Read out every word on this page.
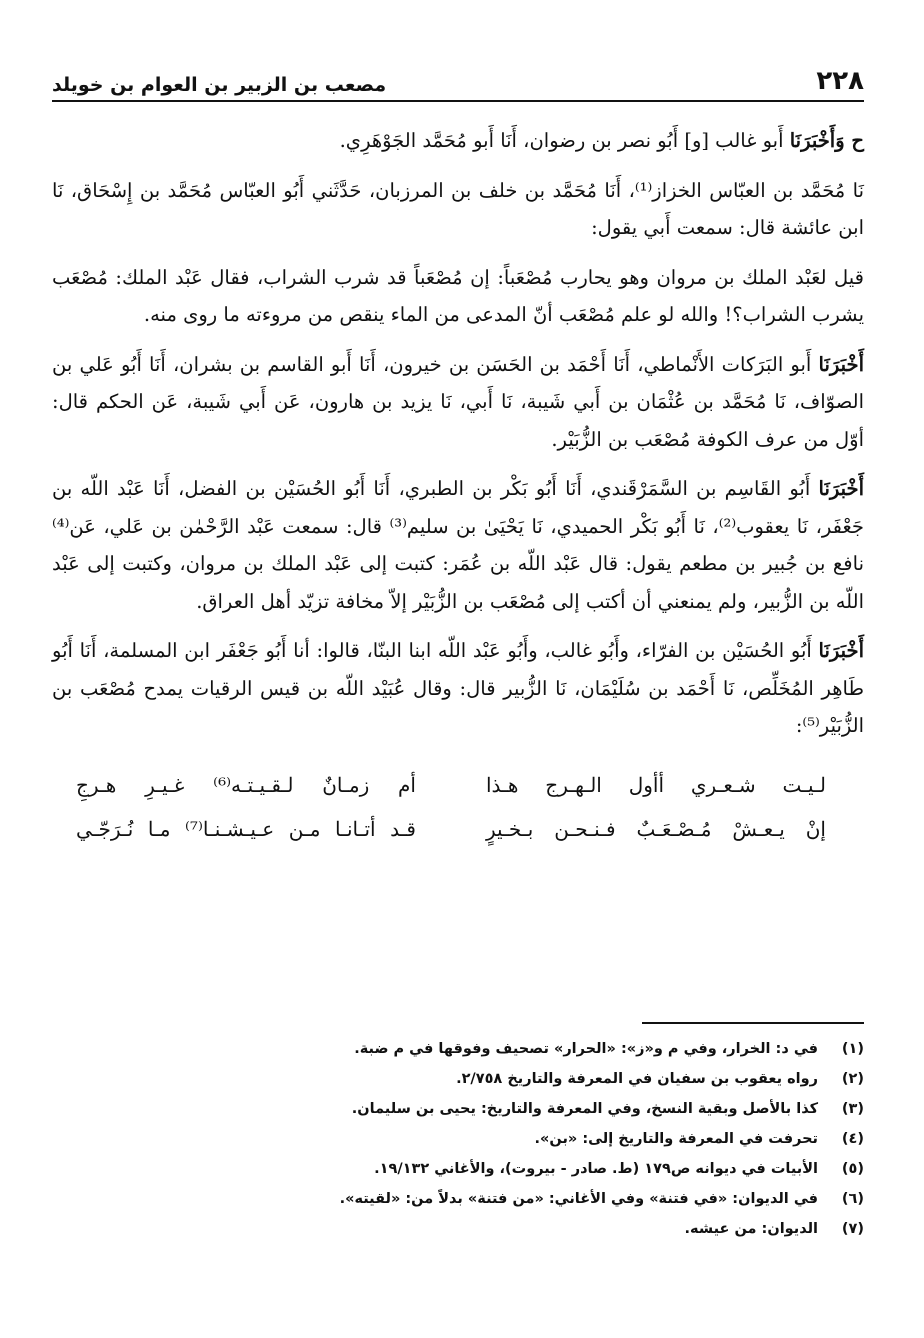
٢٢٨
مصعب بن الزبير بن العوام بن خويلد

ح وَأَخْبَرَنَا أَبو غالب [و] أَبُو نصر بن رضوان، أَنَا أَبو مُحَمَّد الجَوْهَرِي.

نَا مُحَمَّد بن العبّاس الخزاز⁽¹⁾، أَنَا مُحَمَّد بن خلف بن المرزبان، حَدَّثَني أَبُو العبّاس مُحَمَّد بن إِسْحَاق، نَا ابن عائشة قال: سمعت أَبي يقول:

قيل لعَبْد الملك بن مروان وهو يحارب مُصْعَباً: إن مُصْعَباً قد شرب الشراب، فقال عَبْد الملك: مُصْعَب يشرب الشراب؟! والله لو علم مُصْعَب أنّ المدعى من الماء ينقص من مروءته ما روى منه.

أَخْبَرَنَا أَبو البَرَكات الأَنْماطي، أَنَا أَحْمَد بن الحَسَن بن خيرون، أَنَا أَبو القاسم بن بشران، أَنَا أَبُو عَلي بن الصوّاف، نَا مُحَمَّد بن عُثْمَان بن أَبي شَيبة، نَا أَبي، نَا يزيد بن هارون، عَن أَبي شَيبة، عَن الحكم قال: أوّل من عرف الكوفة مُصْعَب بن الزُّبَيْر.

أَخْبَرَنَا أَبُو القَاسِم بن السَّمَرْقَندي، أَنَا أَبُو بَكْر بن الطبري، أَنَا أَبُو الحُسَيْن بن الفضل، أَنَا عَبْد اللّه بن جَعْفَر، نَا يعقوب⁽²⁾، نَا أَبُو بَكْر الحميدي، نَا يَحْيَىٰ بن سليم⁽³⁾ قال: سمعت عَبْد الرَّحْمٰن بن عَلي، عَن⁽⁴⁾ نافع بن جُبير بن مطعم يقول: قال عَبْد اللّه بن عُمَر: كتبت إلى عَبْد الملك بن مروان، وكتبت إلى عَبْد اللّه بن الزُّبير، ولم يمنعني أن أكتب إلى مُصْعَب بن الزُّبَيْر إلاّ مخافة تزيّد أهل العراق.

أَخْبَرَنَا أَبُو الحُسَيْن بن الفرّاء، وأَبُو غالب، وأَبُو عَبْد اللّه ابنا البنّا، قالوا: أنا أَبُو جَعْفَر ابن المسلمة، أَنَا أَبُو طَاهِر المُخَلِّص، نَا أَحْمَد بن سُلَيْمَان، نَا الزُّبير قال: وقال عُبَيْد اللّه بن قيس الرقيات يمدح مُصْعَب بن الزُّبَيْر⁽⁵⁾:

لـيـت شـعـري أأول الـهـرج هـذا
أم زمـانٌ لـقـيـتـه⁽⁶⁾ غـيـرِ هـرجِ
إنْ يـعـشْ مُـصْـعَـبٌ فـنـحـن بـخـيرٍ
قـد أتـانـا مـن عـيـشـنـا⁽⁷⁾ مـا نُـرَجّـي
(١)
في د: الخرار، وفي م و«ز»: «الحرار» تصحيف وفوقها في م ضبة.
(٢)
رواه يعقوب بن سفيان في المعرفة والتاريخ ٢/٧٥٨.
(٣)
كذا بالأصل وبقية النسخ، وفي المعرفة والتاريخ: يحيى بن سليمان.
(٤)
تحرفت في المعرفة والتاريخ إلى: «بن».
(٥)
الأبيات في ديوانه ص١٧٩ (ط. صادر - بيروت)، والأغاني ١٩/١٣٢.
(٦)
في الديوان: «في فتنة» وفي الأغاني: «من فتنة» بدلاً من: «لقيته».
(٧)
الديوان: من عيشه.
